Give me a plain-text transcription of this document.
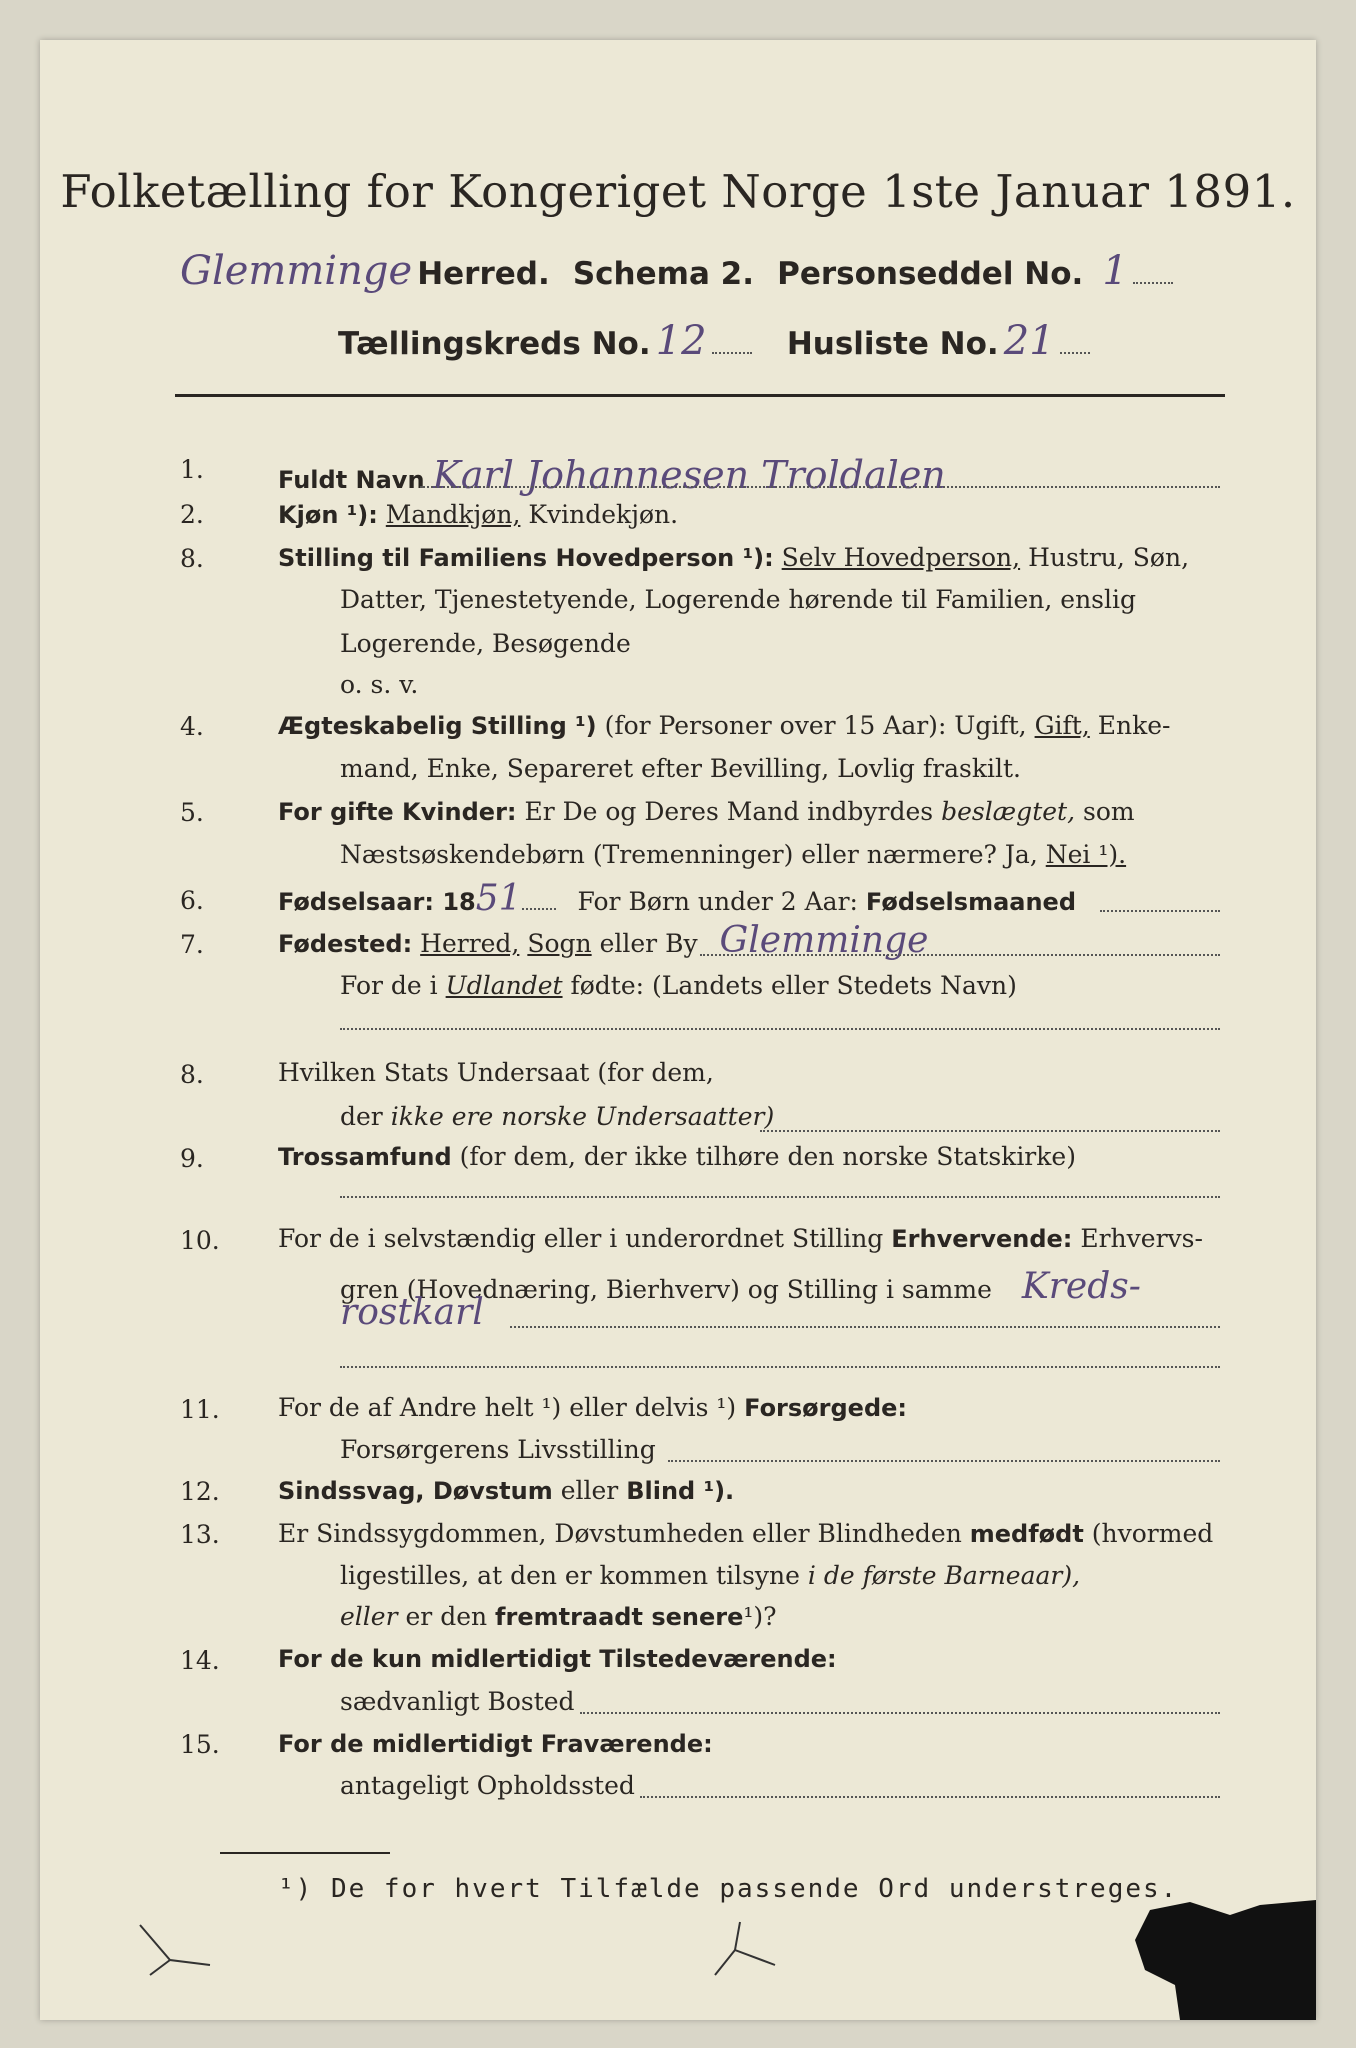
Folketælling for Kongeriget Norge 1ste Januar 1891.
Glemminge Herred. Schema 2. Personseddel No. 1
Tællingskreds No. 12	Husliste No. 21
1.	Fuldt Navn Karl Johannesen Troldalen
2.	Kjøn ¹): Mandkjøn, Kvindekjøn.
8.	Stilling til Familiens Hovedperson ¹): Selv Hovedperson, Hustru, Søn,
Datter, Tjenestetyende, Logerende hørende til Familien, enslig
Logerende, Besøgende
o. s. v.
4.	Ægteskabelig Stilling ¹) (for Personer over 15 Aar): Ugift, Gift, Enke-
mand, Enke, Separeret efter Bevilling, Lovlig fraskilt.
5.	For gifte Kvinder: Er De og Deres Mand indbyrdes beslægtet, som
Næstsøskendebørn (Tremenninger) eller nærmere? Ja, Nei ¹).
6.	Fødselsaar: 1851 For Børn under 2 Aar: Fødselsmaaned
7.	Fødested: Herred, Sogn eller By Glemminge
For de i Udlandet fødte: (Landets eller Stedets Navn)
8.	Hvilken Stats Undersaat (for dem,
der ikke ere norske Undersaatter)
9.	Trossamfund (for dem, der ikke tilhøre den norske Statskirke)
10.	For de i selvstændig eller i underordnet Stilling Erhvervende: Erhvervs-
gren (Hovednæring, Bierhverv) og Stilling i samme Kreds-
rostkarl
11.	For de af Andre helt ¹) eller delvis ¹) Forsørgede:
Forsørgerens Livsstilling
12.	Sindssvag, Døvstum eller Blind ¹).
13.	Er Sindssygdommen, Døvstumheden eller Blindheden medfødt (hvormed
ligestilles, at den er kommen tilsyne i de første Barneaar),
eller er den fremtraadt senere¹)?
14.	For de kun midlertidigt Tilstedeværende:
sædvanligt Bosted
15.	For de midlertidigt Fraværende:
antageligt Opholdssted
¹) De for hvert Tilfælde passende Ord understreges.
